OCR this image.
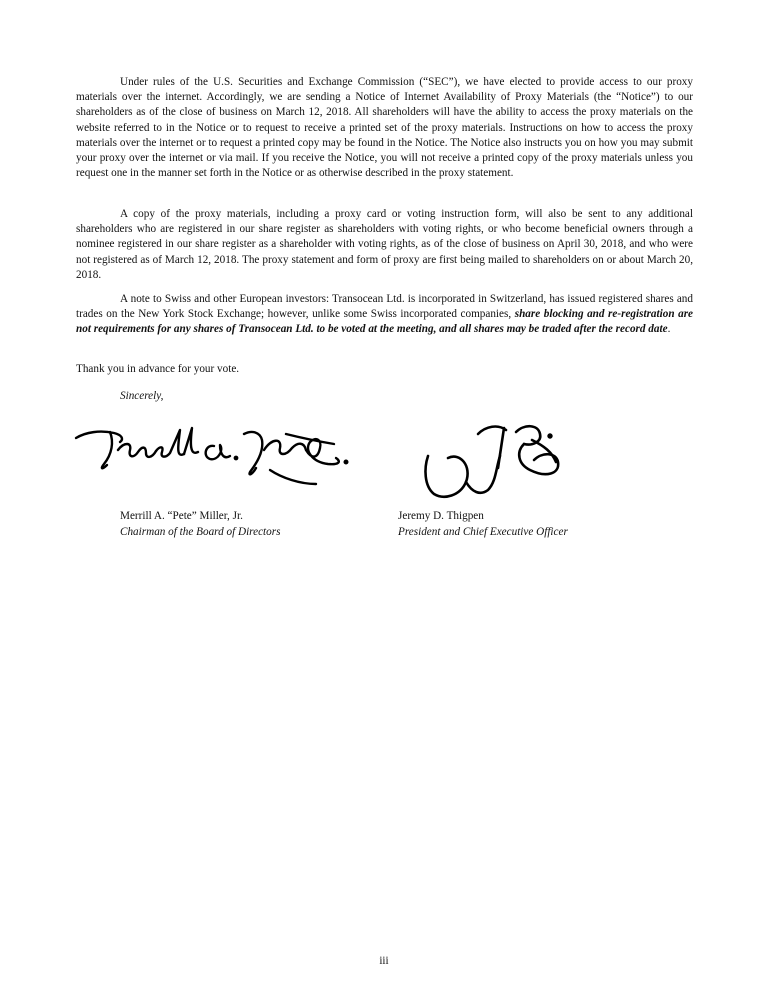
Under rules of the U.S. Securities and Exchange Commission (“SEC”), we have elected to provide access to our proxy materials over the internet. Accordingly, we are sending a Notice of Internet Availability of Proxy Materials (the “Notice”) to our shareholders as of the close of business on March 12, 2018. All shareholders will have the ability to access the proxy materials on the website referred to in the Notice or to request to receive a printed set of the proxy materials. Instructions on how to access the proxy materials over the internet or to request a printed copy may be found in the Notice. The Notice also instructs you on how you may submit your proxy over the internet or via mail. If you receive the Notice, you will not receive a printed copy of the proxy materials unless you request one in the manner set forth in the Notice or as otherwise described in the proxy statement.

A copy of the proxy materials, including a proxy card or voting instruction form, will also be sent to any additional shareholders who are registered in our share register as shareholders with voting rights, or who become beneficial owners through a nominee registered in our share register as a shareholder with voting rights, as of the close of business on April 30, 2018, and who were not registered as of March 12, 2018. The proxy statement and form of proxy are first being mailed to shareholders on or about March 20, 2018.

A note to Swiss and other European investors: Transocean Ltd. is incorporated in Switzerland, has issued registered shares and trades on the New York Stock Exchange; however, unlike some Swiss incorporated companies, share blocking and re-registration are not requirements for any shares of Transocean Ltd. to be voted at the meeting, and all shares may be traded after the record date.

Thank you in advance for your vote.

Sincerely,

Merrill A. “Pete” Miller, Jr.
Chairman of the Board of Directors
Jeremy D. Thigpen
President and Chief Executive Officer
iii
